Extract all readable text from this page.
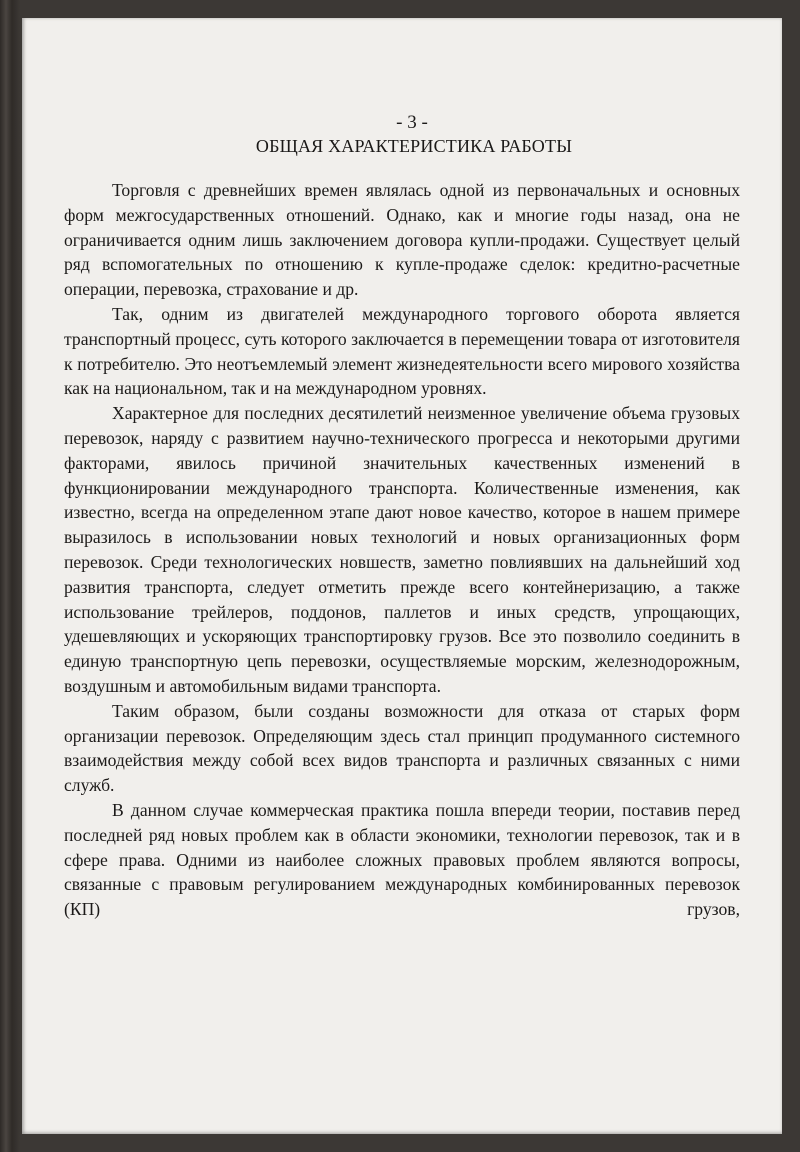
- 3 -
ОБЩАЯ ХАРАКТЕРИСТИКА РАБОТЫ

Торговля с древнейших времен являлась одной из первоначальных и основных форм межгосударственных отношений. Однако, как и многие годы назад, она не ограничивается одним лишь заключением договора купли-продажи. Существует целый ряд вспомогательных по отношению к купле-продаже сделок: кредитно-расчетные операции, перевозка, страхование и др.

Так, одним из двигателей международного торгового оборота является транспортный процесс, суть которого заключается в перемещении товара от изготовителя к потребителю. Это неотъемлемый элемент жизнедеятельности всего мирового хозяйства как на национальном, так и на международном уровнях.

Характерное для последних десятилетий неизменное увеличение объема грузовых перевозок, наряду с развитием научно-технического прогресса и некоторыми другими факторами, явилось причиной значительных качественных изменений в функционировании международного транспорта. Количественные изменения, как известно, всегда на определенном этапе дают новое качество, которое в нашем примере выразилось в использовании новых технологий и новых организационных форм перевозок. Среди технологических новшеств, заметно повлиявших на дальнейший ход развития транспорта, следует отметить прежде всего контейнеризацию, а также использование трейлеров, поддонов, паллетов и иных средств, упрощающих, удешевляющих и ускоряющих транспортировку грузов. Все это позволило соединить в единую транспортную цепь перевозки, осуществляемые морским, железнодорожным, воздушным и автомобильным видами транспорта.

Таким образом, были созданы возможности для отказа от старых форм организации перевозок. Определяющим здесь стал принцип продуманного системного взаимодействия между собой всех видов транспорта и различных связанных с ними служб.

В данном случае коммерческая практика пошла впереди теории, поставив перед последней ряд новых проблем как в области экономики, технологии перевозок, так и в сфере права. Одними из наиболее сложных правовых проблем являются вопросы, связанные с правовым регулированием международных комбинированных перевозок (КП) грузов,
